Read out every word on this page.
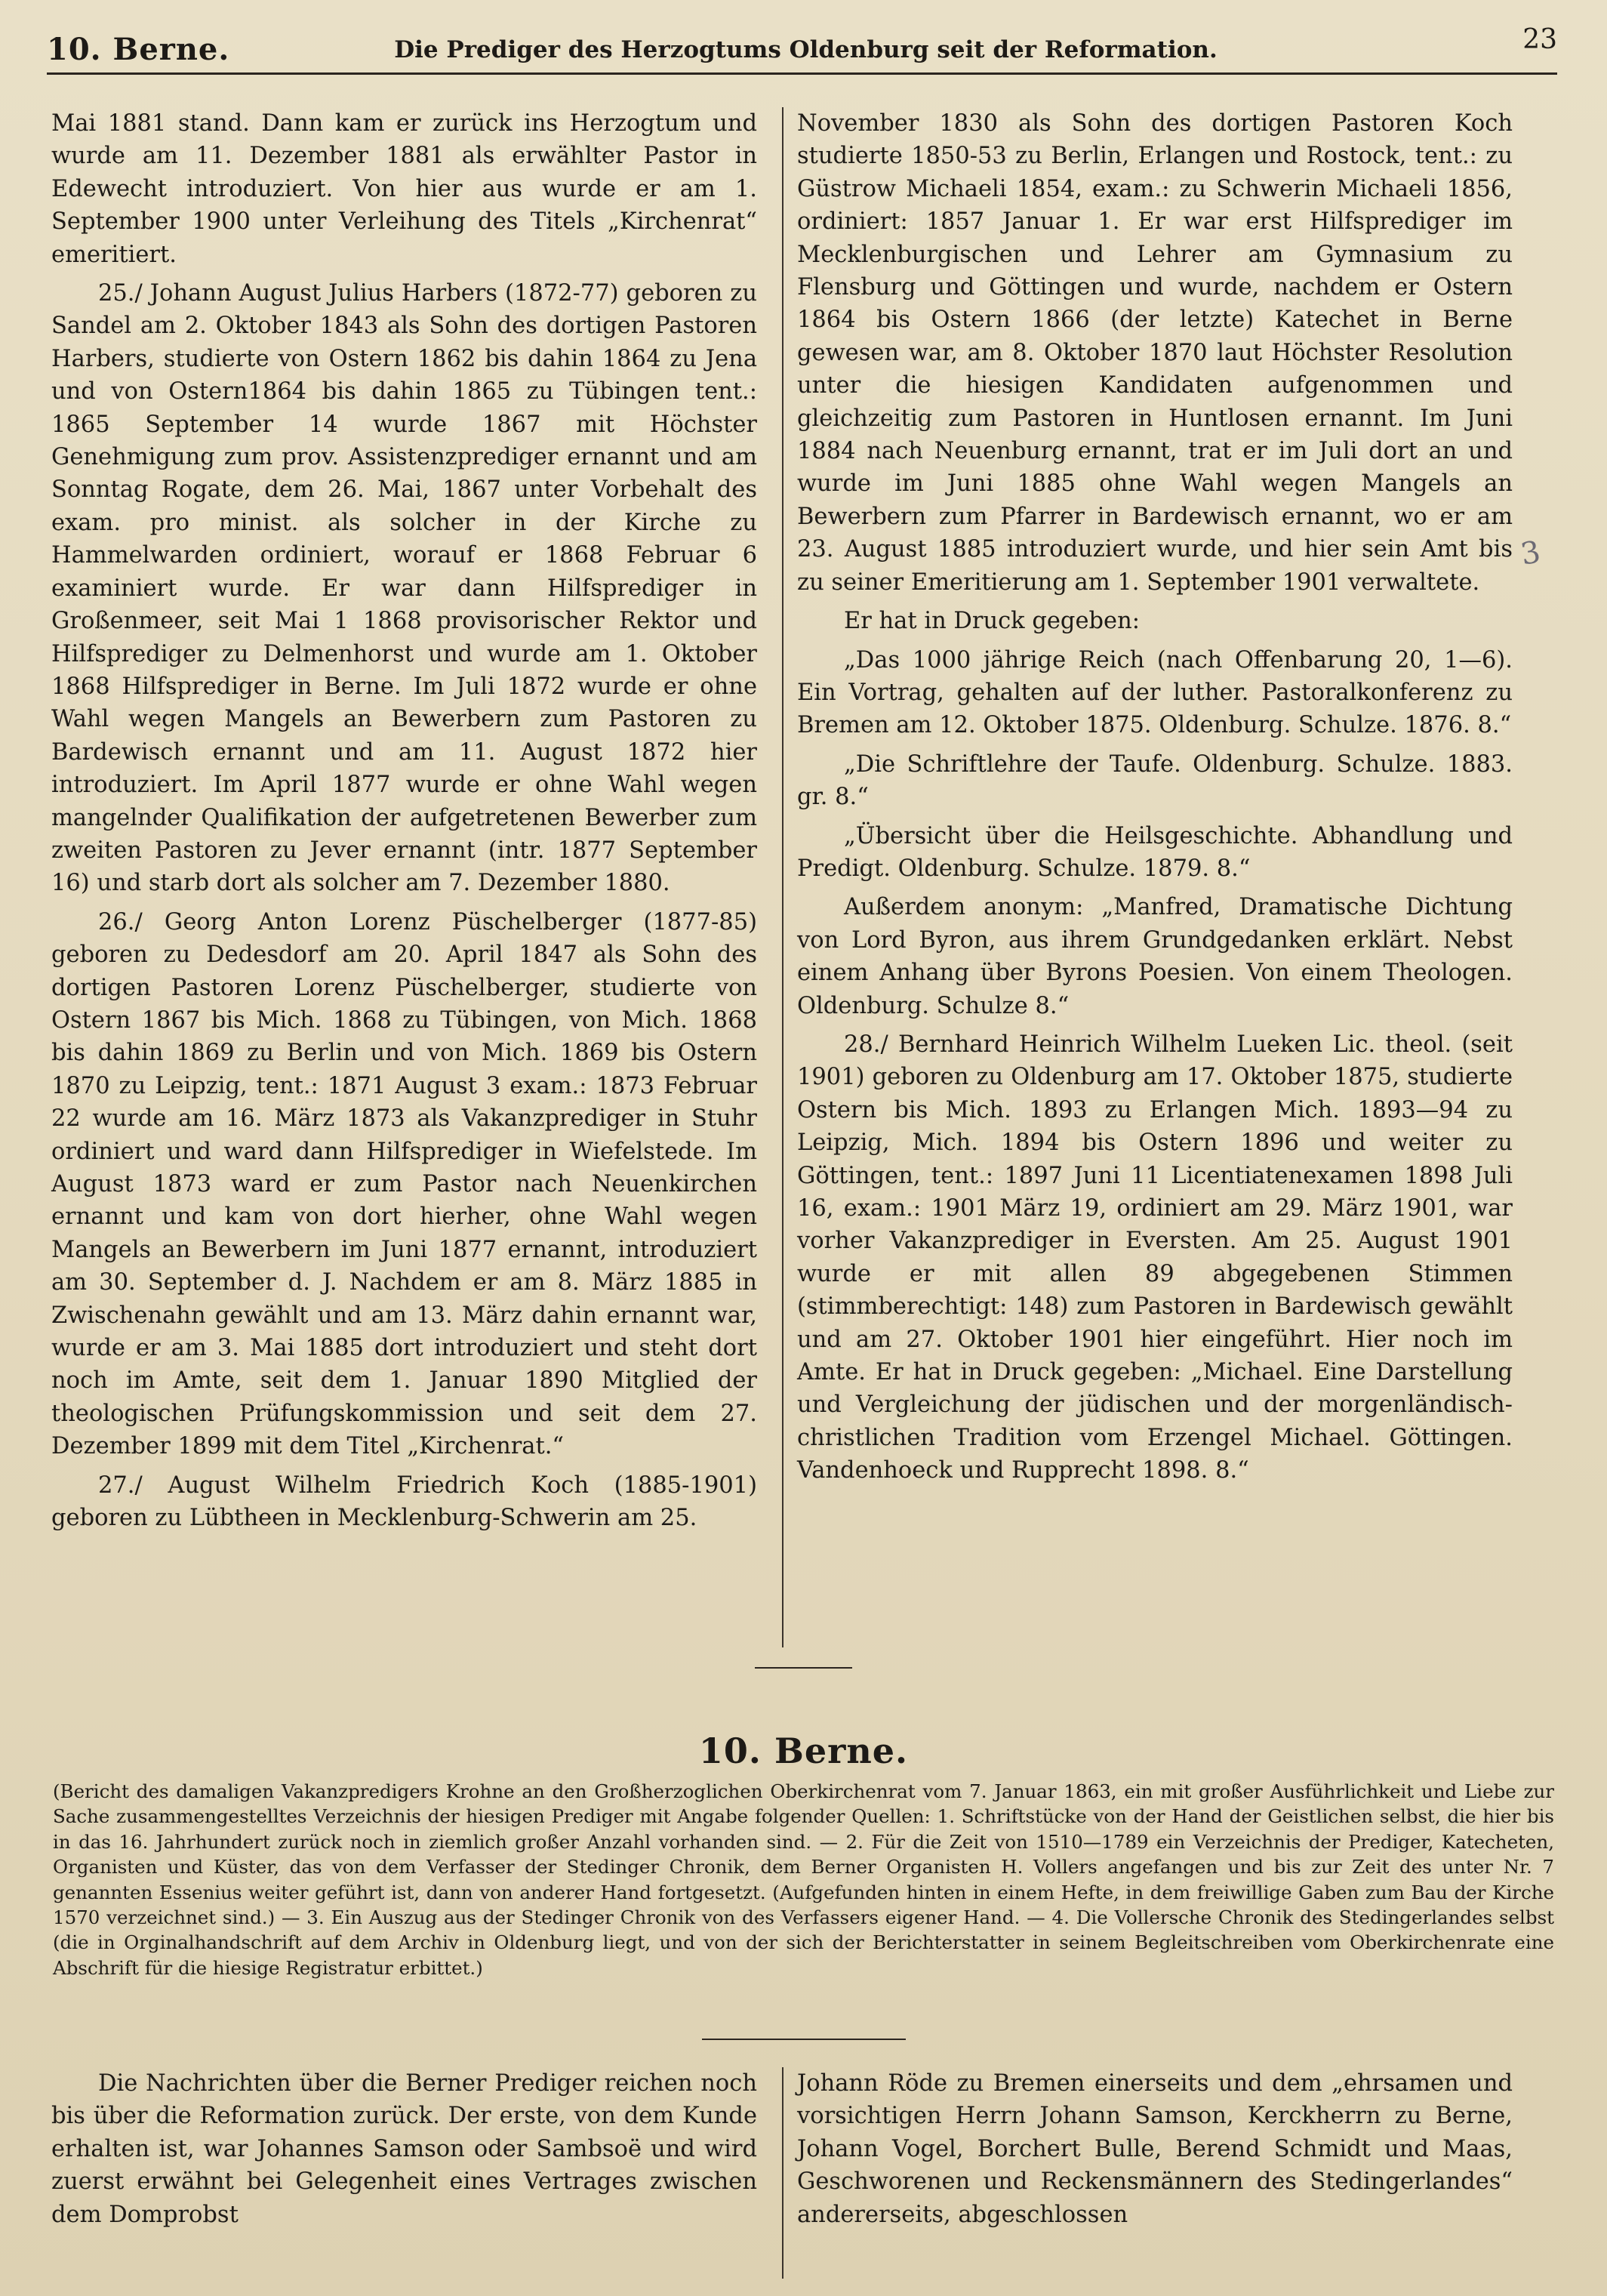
10. Berne.	Die Prediger des Herzogtums Oldenburg seit der Reformation.	23

Mai 1881 stand. Dann kam er zurück ins Herzogtum und wurde am 11. Dezember 1881 als erwählter Pastor in Edewecht introduziert. Von hier aus wurde er am 1. September 1900 unter Verleihung des Titels „Kirchenrat“ emeritiert.

25./ Johann August Julius Harbers (1872-77) geboren zu Sandel am 2. Oktober 1843 als Sohn des dortigen Pastoren Harbers, studierte von Ostern 1862 bis dahin 1864 zu Jena und von Ostern1864 bis dahin 1865 zu Tübingen tent.: 1865 September 14 wurde 1867 mit Höchster Genehmigung zum prov. Assistenzprediger ernannt und am Sonntag Rogate, dem 26. Mai, 1867 unter Vorbehalt des exam. pro minist. als solcher in der Kirche zu Hammelwarden ordiniert, worauf er 1868 Februar 6 examiniert wurde. Er war dann Hilfsprediger in Großenmeer, seit Mai 1 1868 provisorischer Rektor und Hilfsprediger zu Delmenhorst und wurde am 1. Oktober 1868 Hilfsprediger in Berne. Im Juli 1872 wurde er ohne Wahl wegen Mangels an Bewerbern zum Pastoren zu Bardewisch ernannt und am 11. August 1872 hier introduziert. Im April 1877 wurde er ohne Wahl wegen mangelnder Qualifikation der aufgetretenen Bewerber zum zweiten Pastoren zu Jever ernannt (intr. 1877 September 16) und starb dort als solcher am 7. Dezember 1880.

26./ Georg Anton Lorenz Püschelberger (1877-85) geboren zu Dedesdorf am 20. April 1847 als Sohn des dortigen Pastoren Lorenz Püschelberger, studierte von Ostern 1867 bis Mich. 1868 zu Tübingen, von Mich. 1868 bis dahin 1869 zu Berlin und von Mich. 1869 bis Ostern 1870 zu Leipzig, tent.: 1871 August 3 exam.: 1873 Februar 22 wurde am 16. März 1873 als Vakanzprediger in Stuhr ordiniert und ward dann Hilfsprediger in Wiefelstede. Im August 1873 ward er zum Pastor nach Neuenkirchen ernannt und kam von dort hierher, ohne Wahl wegen Mangels an Bewerbern im Juni 1877 ernannt, introduziert am 30. September d. J. Nachdem er am 8. März 1885 in Zwischenahn gewählt und am 13. März dahin ernannt war, wurde er am 3. Mai 1885 dort introduziert und steht dort noch im Amte, seit dem 1. Januar 1890 Mitglied der theologischen Prüfungskommission und seit dem 27. Dezember 1899 mit dem Titel „Kirchenrat.“

27./ August Wilhelm Friedrich Koch (1885-1901) geboren zu Lübtheen in Mecklenburg-Schwerin am 25.

November 1830 als Sohn des dortigen Pastoren Koch studierte 1850-53 zu Berlin, Erlangen und Rostock, tent.: zu Güstrow Michaeli 1854, exam.: zu Schwerin Michaeli 1856, ordiniert: 1857 Januar 1. Er war erst Hilfsprediger im Mecklenburgischen und Lehrer am Gymnasium zu Flensburg und Göttingen und wurde, nachdem er Ostern 1864 bis Ostern 1866 (der letzte) Katechet in Berne gewesen war, am 8. Oktober 1870 laut Höchster Resolution unter die hiesigen Kandidaten aufgenommen und gleichzeitig zum Pastoren in Huntlosen ernannt. Im Juni 1884 nach Neuenburg ernannt, trat er im Juli dort an und wurde im Juni 1885 ohne Wahl wegen Mangels an Bewerbern zum Pfarrer in Bardewisch ernannt, wo er am 23. August 1885 introduziert wurde, und hier sein Amt bis zu seiner Emeritierung am 1. September 1901 verwaltete.

Er hat in Druck gegeben:

„Das 1000 jährige Reich (nach Offenbarung 20, 1—6). Ein Vortrag, gehalten auf der luther. Pastoralkonferenz zu Bremen am 12. Oktober 1875. Oldenburg. Schulze. 1876. 8.“

„Die Schriftlehre der Taufe. Oldenburg. Schulze. 1883. gr. 8.“

„Übersicht über die Heilsgeschichte. Abhandlung und Predigt. Oldenburg. Schulze. 1879. 8.“

Außerdem anonym: „Manfred, Dramatische Dichtung von Lord Byron, aus ihrem Grundgedanken erklärt. Nebst einem Anhang über Byrons Poesien. Von einem Theologen. Oldenburg. Schulze 8.“

28./ Bernhard Heinrich Wilhelm Lueken Lic. theol. (seit 1901) geboren zu Oldenburg am 17. Oktober 1875, studierte Ostern bis Mich. 1893 zu Erlangen Mich. 1893—94 zu Leipzig, Mich. 1894 bis Ostern 1896 und weiter zu Göttingen, tent.: 1897 Juni 11 Licentiatenexamen 1898 Juli 16, exam.: 1901 März 19, ordiniert am 29. März 1901, war vorher Vakanzprediger in Eversten. Am 25. August 1901 wurde er mit allen 89 abgegebenen Stimmen (stimmberechtigt: 148) zum Pastoren in Bardewisch gewählt und am 27. Oktober 1901 hier eingeführt. Hier noch im Amte. Er hat in Druck gegeben: „Michael. Eine Darstellung und Vergleichung der jüdischen und der morgenländisch-christlichen Tradition vom Erzengel Michael. Göttingen. Vandenhoeck und Rupprecht 1898. 8.“

3
10. Berne.
(Bericht des damaligen Vakanzpredigers Krohne an den Großherzoglichen Oberkirchenrat vom 7. Januar 1863, ein mit großer Ausführlichkeit und Liebe zur Sache zusammengestelltes Verzeichnis der hiesigen Prediger mit Angabe folgender Quellen: 1. Schriftstücke von der Hand der Geistlichen selbst, die hier bis in das 16. Jahrhundert zurück noch in ziemlich großer Anzahl vorhanden sind. — 2. Für die Zeit von 1510—1789 ein Verzeichnis der Prediger, Katecheten, Organisten und Küster, das von dem Verfasser der Stedinger Chronik, dem Berner Organisten H. Vollers angefangen und bis zur Zeit des unter Nr. 7 genannten Essenius weiter geführt ist, dann von anderer Hand fortgesetzt. (Aufgefunden hinten in einem Hefte, in dem freiwillige Gaben zum Bau der Kirche 1570 verzeichnet sind.) — 3. Ein Auszug aus der Stedinger Chronik von des Verfassers eigener Hand. — 4. Die Vollersche Chronik des Stedingerlandes selbst (die in Orginalhandschrift auf dem Archiv in Oldenburg liegt, und von der sich der Berichterstatter in seinem Begleitschreiben vom Oberkirchenrate eine Abschrift für die hiesige Registratur erbittet.)

Die Nachrichten über die Berner Prediger reichen noch bis über die Reformation zurück. Der erste, von dem Kunde erhalten ist, war Johannes Samson oder Sambsoë und wird zuerst erwähnt bei Gelegenheit eines Vertrages zwischen dem Domprobst

Johann Röde zu Bremen einerseits und dem „ehrsamen und vorsichtigen Herrn Johann Samson, Kerckherrn zu Berne, Johann Vogel, Borchert Bulle, Berend Schmidt und Maas, Geschworenen und Reckensmännern des Stedingerlandes“ andererseits, abgeschlossen
